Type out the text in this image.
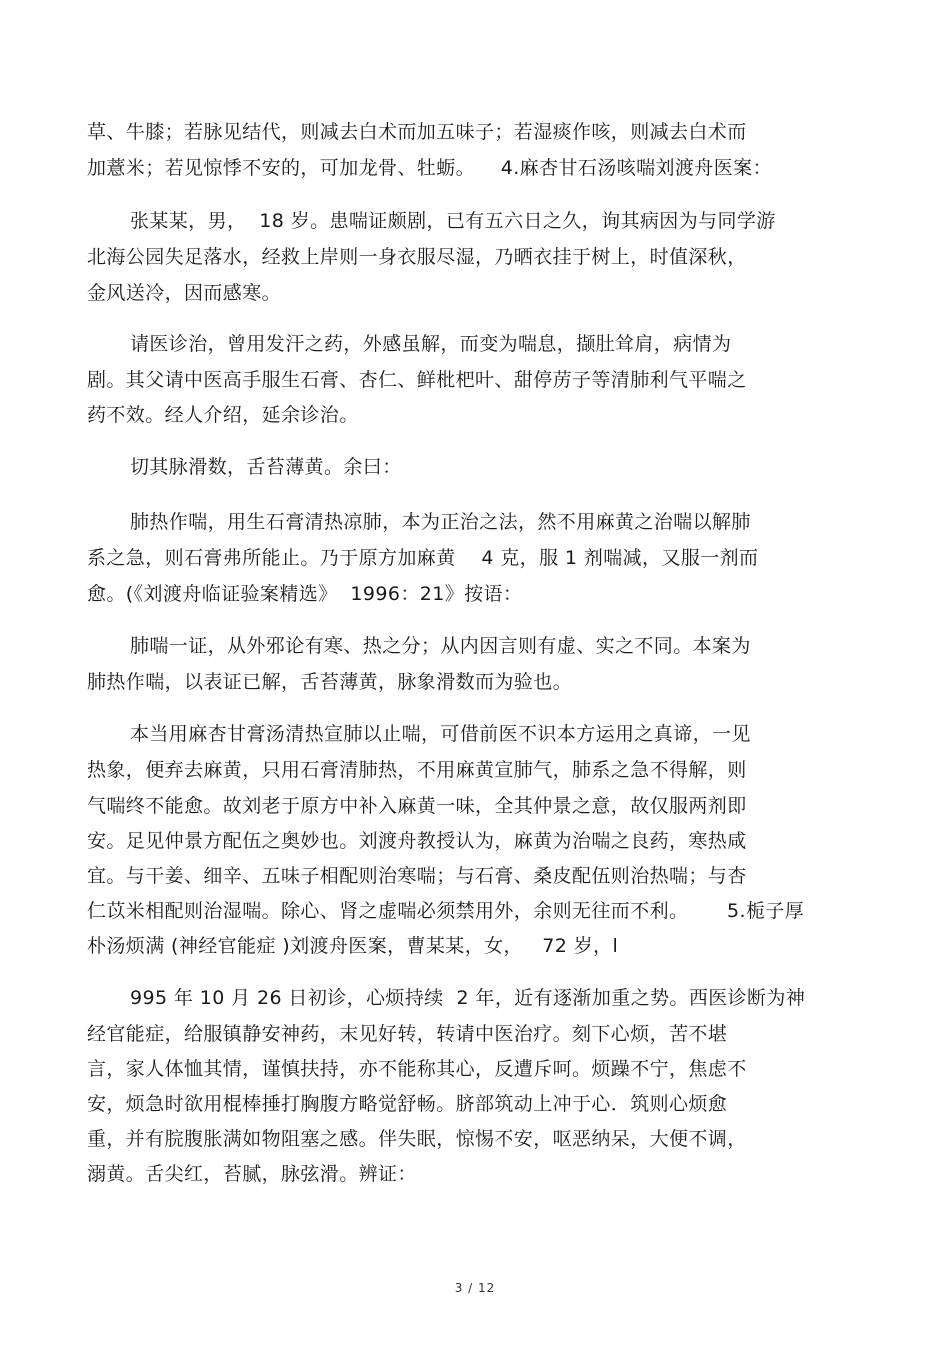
草、牛膝；若脉见结代，则减去白术而加五味子；若湿痰作咳，则减去白术而
加薏米；若见惊悸不安的，可加龙骨、牡蛎。    4.麻杏甘石汤咳喘刘渡舟医案：
张某某，男，  18 岁。患喘证颇剧，已有五六日之久，询其病因为与同学游
北海公园失足落水，经救上岸则一身衣服尽湿，乃晒衣挂于树上，时值深秋，
金风送冷，因而感寒。
请医诊治，曾用发汗之药，外感虽解，而变为喘息，撷肚耸肩，病情为
剧。其父请中医高手服生石膏、杏仁、鲜枇杷叶、甜停苈子等清肺利气平喘之
药不效。经人介绍，延余诊治。
切其脉滑数，舌苔薄黄。余曰：
肺热作喘，用生石膏清热凉肺，本为正治之法，然不用麻黄之治喘以解肺
系之急，则石膏弗所能止。乃于原方加麻黄    4 克，服 1 剂喘减，又服一剂而
愈。(《刘渡舟临证验案精选》  1996：21》按语：
肺喘一证，从外邪论有寒、热之分；从内因言则有虚、实之不同。本案为
肺热作喘，以表证已解，舌苔薄黄，脉象滑数而为验也。
本当用麻杏甘膏汤清热宣肺以止喘，可借前医不识本方运用之真谛，一见
热象，便弃去麻黄，只用石膏清肺热，不用麻黄宣肺气，肺系之急不得解，则
气喘终不能愈。故刘老于原方中补入麻黄一味，全其仲景之意，故仅服两剂即
安。足见仲景方配伍之奥妙也。刘渡舟教授认为，麻黄为治喘之良药，寒热咸
宜。与干姜、细辛、五味子相配则治寒喘；与石膏、桑皮配伍则治热喘；与杏
仁苡米相配则治湿喘。除心、肾之虚喘必须禁用外，余则无往而不利。      5.栀子厚
朴汤烦满 (神经官能症 )刘渡舟医案，曹某某，女，   72 岁，l
995 年 10 月 26 日初诊，心烦持续  2 年，近有逐渐加重之势。西医诊断为神
经官能症，给服镇静安神药，末见好转，转请中医治疗。刻下心烦，苦不堪
言，家人体恤其情，谨慎扶持，亦不能称其心，反遭斥呵。烦躁不宁，焦虑不
安，烦急时欲用棍棒捶打胸腹方略觉舒畅。脐部筑动上冲于心．筑则心烦愈
重，并有脘腹胀满如物阻塞之感。伴失眠，惊惕不安，呕恶纳呆，大便不调，
溺黄。舌尖红，苔腻，脉弦滑。辨证：
3 / 12
